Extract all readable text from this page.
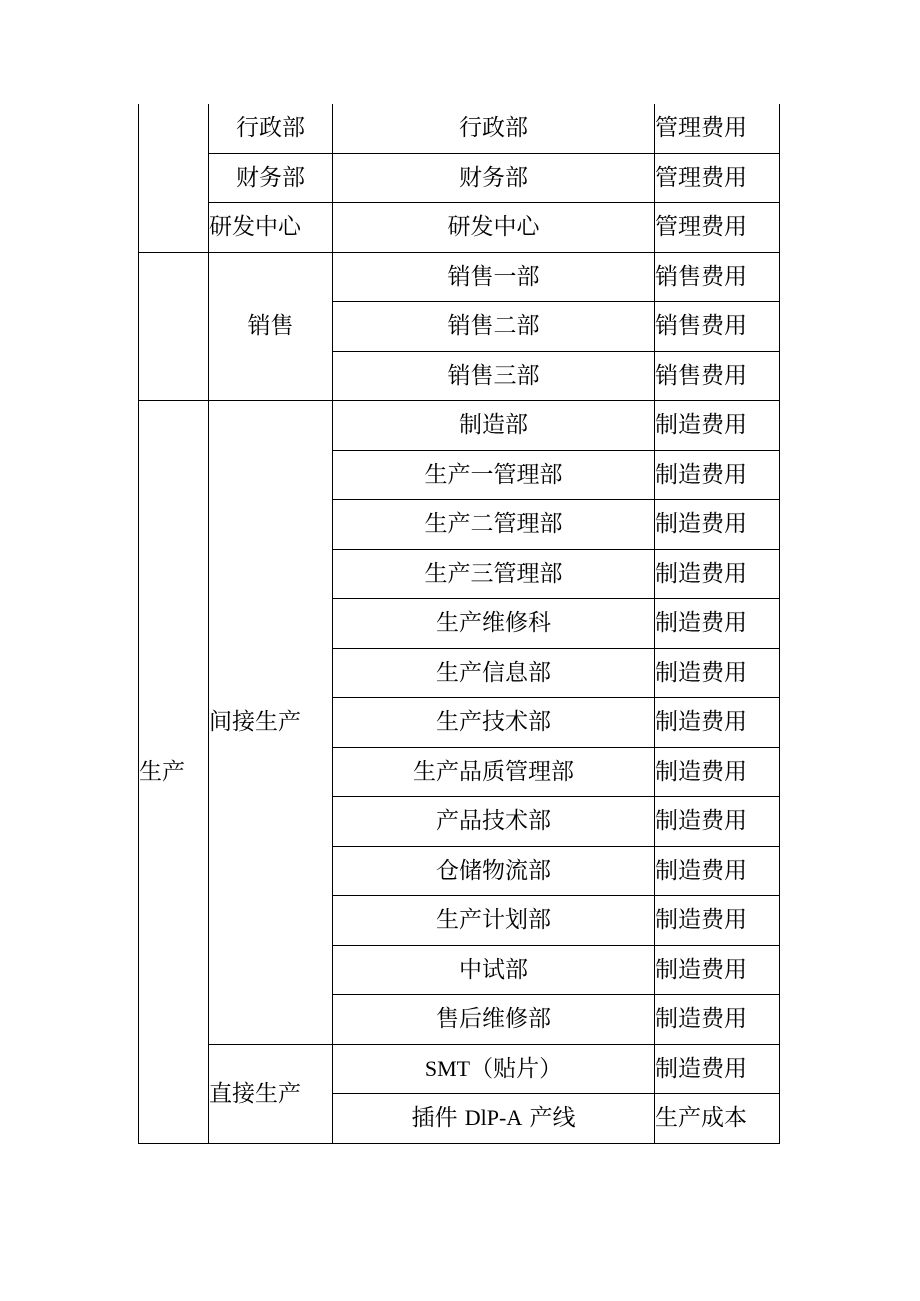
	行政部	行政部	管理费用
	财务部	财务部	管理费用
	研发中心	研发中心	管理费用
	销售	销售一部	销售费用
		销售二部	销售费用
		销售三部	销售费用
生产	间接生产	制造部	制造费用
		生产一管理部	制造费用
		生产二管理部	制造费用
		生产三管理部	制造费用
		生产维修科	制造费用
		生产信息部	制造费用
		生产技术部	制造费用
		生产品质管理部	制造费用
		产品技术部	制造费用
		仓储物流部	制造费用
		生产计划部	制造费用
		中试部	制造费用
		售后维修部	制造费用
	直接生产	SMT（贴片）	制造费用
		插件 DlP-A 产线	生产成本
